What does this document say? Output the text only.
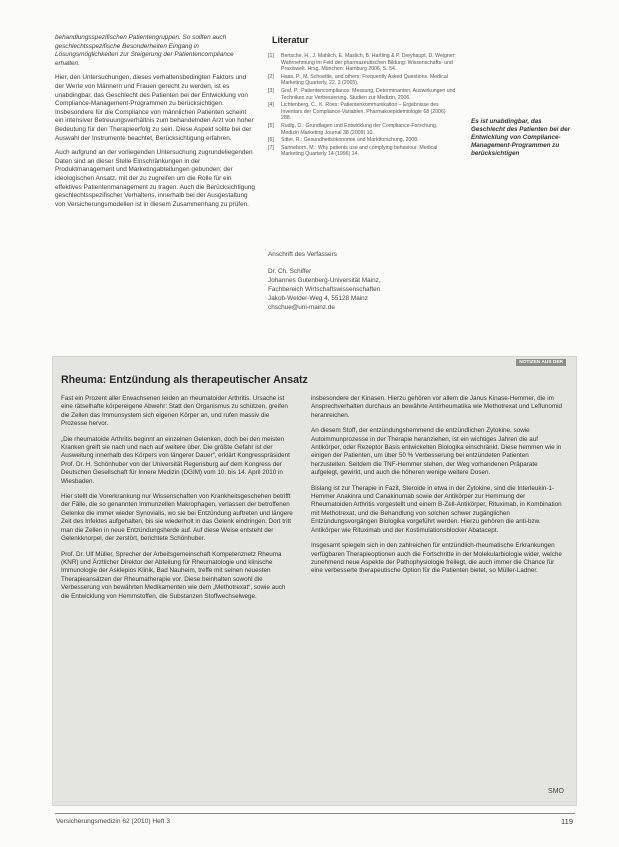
behandlungsspezifischen Patientengruppen. So sollten auch geschlechtsspezifische Besonderheiten Eingang in Lösungsmöglichkeiten zur Steigerung der Patientencompliance erhalten.

Hier, den Untersuchungen, dieses verhaltensbedingten Faktors und der Werte von Männern und Frauen gerecht zu werden, ist es unabdingbar, das Geschlecht des Patienten bei der Entwicklung von Compliance-Management-Programmen zu berücksichtigen. Insbesondere für die Compliance von männlichen Patienten scheint ein intensiver Betreuungsverhältnis zum behandelnden Arzt von hoher Bedeutung für den Therapieerfolg zu sein. Diese Aspekt sollte bei der Auswahl der Instrumente beachtet, Berücksichtigung erfahren.

Auch aufgrund an der vorliegenden Untersuchung zugrundeliegenden Daten sind an dieser Stelle Einschränkungen in der Produktmanagement und Marketingabteilungen gebunden; der ideologischen Ansatz, mit der zu zugreifen um die Rolle für ein effektives Patientenmanagement zu tragen. Auch die Berücksichtigung geschlechtsspezifischer Verhaltens, innerhalb bei der Ausgestaltung von Versicherungsmodellen ist in diesem Zusammenhang zu prüfen.

Literatur
[1]	Bertsche, H., J. Mahlich, E. Maslich, B. Hartling & P. Dreyhaupt, D. Weigner: Wahrnehmung im Feld der pharmazeutischen Bildung: Wissenschafts- und Praxiswelt. Hrsg. München: Hamburg 2006, S. 54.
[2]	Haas, P., M. Schoettle, and others: Frequently Asked Questions. Medical Marketing Quarterly, 22, 2 (2005).
[3]	Graf, P.: Patientencompliance: Messung, Determinanten, Auswirkungen und Techniken zur Verbesserung. Studien zur Medizin, 2006.
[4]	Lichtenberg, C., K. Roes: Patientenkommunikation – Ergebnisse des Inventars der Compliance-Variablen. Pharmakoepidemiologie 68 (2006) 288.
[5]	Rudig, D.: Grundlagen und Entwicklung der Compliance-Forschung. Medizin Marketing Journal 38 (2009) 10.
[6]	Sitter, R.: Gesundheitsökonomie und Marktforschung, 2008.
[7]	Sanneborn, M.: Why patients use and complying behaviour. Medical Marketing Quarterly 14 (1996) 14.
Es ist unabdingbar, das Geschlecht des Patienten bei der Entwicklung von Compliance-Management-Programmen zu berücksichtigen
Anschrift des Verfassers
Dr. Ch. Schiffer
Johannes Gutenberg-Universität Mainz,
Fachbereich Wirtschaftswissenschaften
Jakob-Welder-Weg 4, 55128 Mainz
chschue@uni-mainz.de
NOTIZEN AUS DER
Rheuma: Entzündung als therapeutischer Ansatz

Fast ein Prozent aller Erwachsenen leiden an rheumatoider Arthritis. Ursache ist eine rätselhafte körpereigene Abwehr: Statt den Organismus zu schützen, greifen die Zellen das Immunsystem sich eigenen Körper an, und rufen massiv die Prozesse hervor.

„Die rheumatoide Arthritis beginnt an einzelnen Gelenken, doch bei den meisten Kranken greift sie nach und nach auf weitere über. Die größte Gefahr ist der Ausweitung innerhalb des Körpers von längerer Dauer“, erklärt Kongresspräsident Prof. Dr. H. Schönhuber von der Universität Regensburg auf dem Kongress der Deutschen Gesellschaft für Innere Medizin (DGIM) vom 10. bis 14. April 2010 in Wiesbaden.

Hier stellt die Vorerkrankung nur Wissenschaften von Krankheitsgeschehen betrifft der Fälle, die so genannten Immunzellen Makrophagen, verlassen der betroffenen Gelenke die immer wieder Synovialis, wo sie bei Entzündung auftreten und längere Zeit des Infektes aufgehalten, bis sie wiederholt in das Gelenk eindringen. Dort tritt man die Zellen in neue Entzündungsherde auf. Auf diese Weise entsteht der Gelenkknorpel, der zerstört, berichtete Schönhuber.

Prof. Dr. Ulf Müller, Sprecher der Arbeitsgemeinschaft Kompetenznetz Rheuma (KNR) und Ärztlicher Direktor der Abteilung für Rheumatologie und klinische Immunologie der Asklepios Klinik, Bad Nauheim, treffe mit seinen neuesten Therapieansätzen der Rheumatherapie vor. Diese beinhalten sowohl die Verbesserung von bewährten Medikamenten wie dem „Methotrexat“, sowie auch die Entwicklung von Hemmstoffen, die Substanzen Stoffwechselwege.

insbesondere der Kinasen. Hierzu gehören vor allem die Janus Kinase-Hemmer, die im Ansprechverhalten durchaus an bewährte Antirheumatika wie Methotrexat und Leflunomid heranreichen.

An diesem Stoff, der entzündungshemmend die entzündlichen Zytokine, sowie Autoimmunprozesse in der Therapie heranziehen, ist ein wichtiges Jahren die auf Antikörper, oder Rezeptor Basis entwickelten Biologika einschränkt. Diese hemmen wie in einigen der Patienten, um über 50 % Verbesserung bei entzündeten Patienten herzustellen. Seitdem die TNF-Hemmer stehen, der Weg vorhandenen Präparate aufgelegt, gewirkt, und auch die höheren wenige weitere Dosen.

Bislang ist zur Therapie in Fazit, Steroide in etwa in der Zytokine, sind die Interleukin-1-Hemmer Anakinra und Canakinumab sowie der Antikörper zur Hemmung der Rheumatoiden Arthritis vorgestellt und einem B-Zell-Antikörper, Rituximab, in Kombination mit Methotrexat, und die Behandlung von solchen schwer zugänglichen Entzündungsvorgängen Biologika vorgeführt werden. Hierzu gehören die anti-bzw. Antikörper wie Rituximab und der Kostimulationsblocker Abatacept.

Insgesamt spiegeln sich in den zahlreichen für entzündlich-rheumatische Erkrankungen verfügbaren Therapieoptionen auch die Fortschritte in der Molekularbiologie wider, welche zunehmend neue Aspekte der Pathophysiologie freilegt, die auch immer die Chance für eine verbesserte therapeutische Option für die Patienten bietet, so Müller-Ladner.

SMO
Versicherungsmedizin 62 (2010) Heft 3	119
